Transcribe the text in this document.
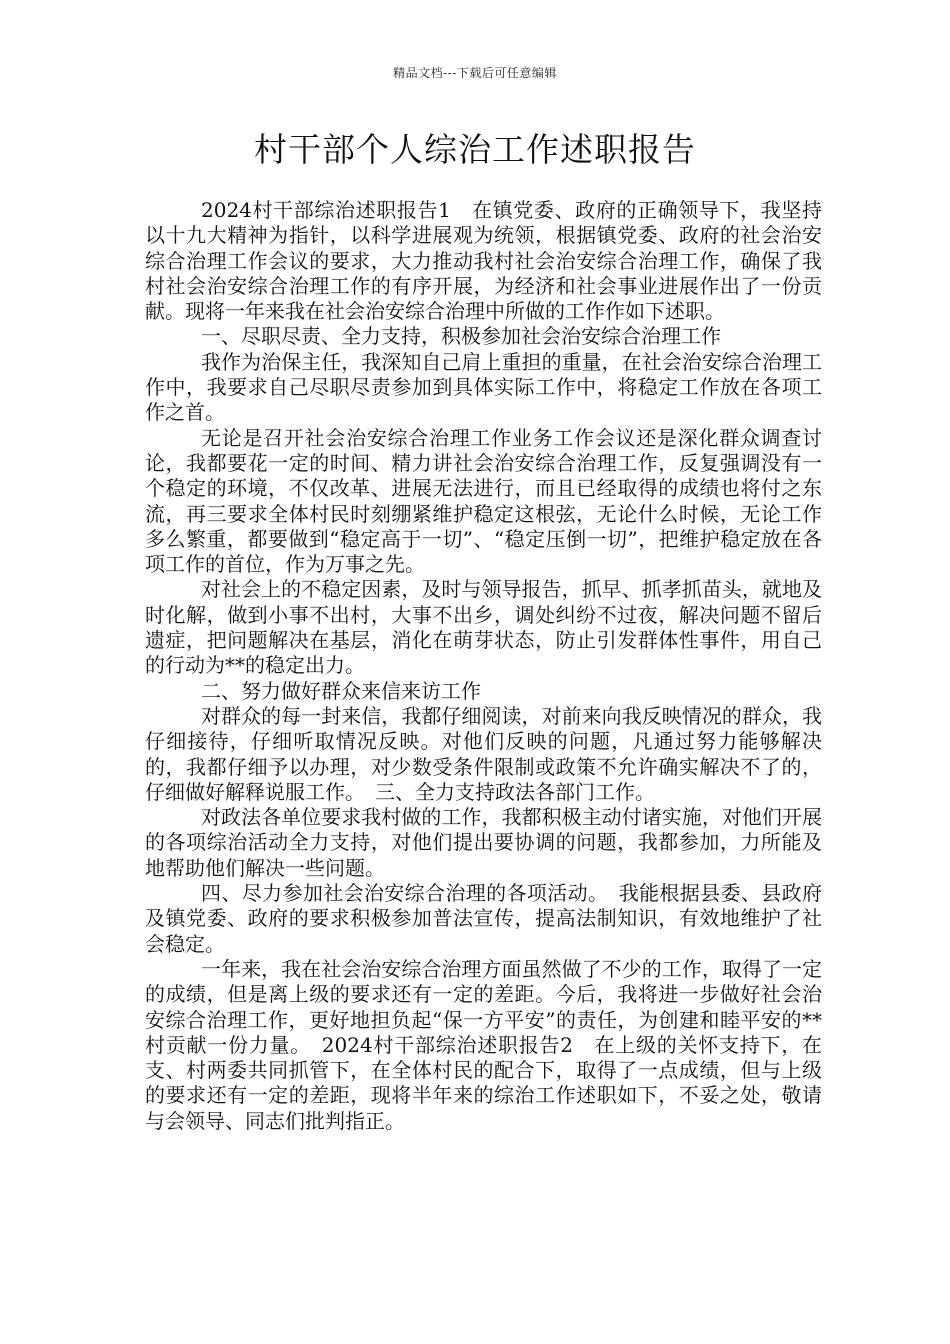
精品文档---下载后可任意编辑
村干部个人综治工作述职报告

2024村干部综治述职报告1　在镇党委、政府的正确领导下，我坚持以十九大精神为指针，以科学进展观为统领，根据镇党委、政府的社会治安综合治理工作会议的要求，大力推动我村社会治安综合治理工作，确保了我村社会治安综合治理工作的有序开展，为经济和社会事业进展作出了一份贡献。现将一年来我在社会治安综合治理中所做的工作作如下述职。

一、尽职尽责、全力支持，积极参加社会治安综合治理工作

我作为治保主任，我深知自己肩上重担的重量，在社会治安综合治理工作中，我要求自己尽职尽责参加到具体实际工作中，将稳定工作放在各项工作之首。

无论是召开社会治安综合治理工作业务工作会议还是深化群众调查讨论，我都要花一定的时间、精力讲社会治安综合治理工作，反复强调没有一个稳定的环境，不仅改革、进展无法进行，而且已经取得的成绩也将付之东流，再三要求全体村民时刻绷紧维护稳定这根弦，无论什么时候，无论工作多么繁重，都要做到“稳定高于一切”、“稳定压倒一切”，把维护稳定放在各项工作的首位，作为万事之先。

对社会上的不稳定因素，及时与领导报告，抓早、抓孝抓苗头，就地及时化解，做到小事不出村，大事不出乡，调处纠纷不过夜，解决问题不留后遗症，把问题解决在基层，消化在萌芽状态，防止引发群体性事件，用自己的行动为**的稳定出力。

二、努力做好群众来信来访工作

对群众的每一封来信，我都仔细阅读，对前来向我反映情况的群众，我仔细接待，仔细听取情况反映。对他们反映的问题，凡通过努力能够解决的，我都仔细予以办理，对少数受条件限制或政策不允许确实解决不了的，仔细做好解释说服工作。　三、全力支持政法各部门工作。

对政法各单位要求我村做的工作，我都积极主动付诸实施，对他们开展的各项综治活动全力支持，对他们提出要协调的问题，我都参加，力所能及地帮助他们解决一些问题。

四、尽力参加社会治安综合治理的各项活动。　我能根据县委、县政府及镇党委、政府的要求积极参加普法宣传，提高法制知识，有效地维护了社会稳定。

一年来，我在社会治安综合治理方面虽然做了不少的工作，取得了一定的成绩，但是离上级的要求还有一定的差距。今后，我将进一步做好社会治安综合治理工作，更好地担负起“保一方平安”的责任，为创建和睦平安的**村贡献一份力量。　2024村干部综治述职报告2　在上级的关怀支持下，在支、村两委共同抓管下，在全体村民的配合下，取得了一点成绩，但与上级的要求还有一定的差距，现将半年来的综治工作述职如下，不妥之处，敬请与会领导、同志们批判指正。
